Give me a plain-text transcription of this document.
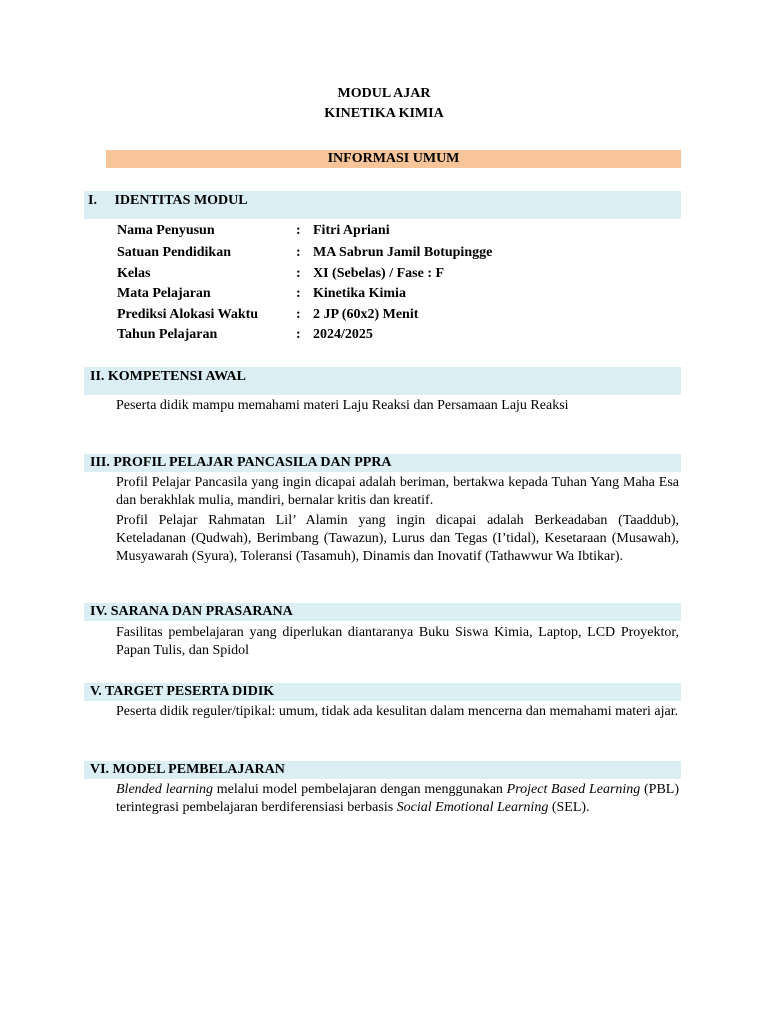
MODUL AJAR
KINETIKA KIMIA
INFORMASI UMUM
I. IDENTITAS MODUL
Nama Penyusun	: Fitri Apriani
Satuan Pendidikan	: MA Sabrun Jamil Botupingge
Kelas	: XI (Sebelas) / Fase : F
Mata Pelajaran	: Kinetika Kimia
Prediksi Alokasi Waktu	: 2 JP (60x2) Menit
Tahun Pelajaran	: 2024/2025
II. KOMPETENSI AWAL
Peserta didik mampu memahami materi Laju Reaksi dan Persamaan Laju Reaksi
III. PROFIL PELAJAR PANCASILA DAN PPRA
Profil Pelajar Pancasila yang ingin dicapai adalah beriman, bertakwa kepada Tuhan Yang Maha Esa dan berakhlak mulia, mandiri, bernalar kritis dan kreatif.
Profil Pelajar Rahmatan Lil’ Alamin yang ingin dicapai adalah Berkeadaban (Taaddub), Keteladanan (Qudwah), Berimbang (Tawazun), Lurus dan Tegas (I’tidal), Kesetaraan (Musawah), Musyawarah (Syura), Toleransi (Tasamuh), Dinamis dan Inovatif (Tathawwur Wa Ibtikar).
IV. SARANA DAN PRASARANA
Fasilitas pembelajaran yang diperlukan diantaranya Buku Siswa Kimia, Laptop, LCD Proyektor, Papan Tulis, dan Spidol
V. TARGET PESERTA DIDIK
Peserta didik reguler/tipikal: umum, tidak ada kesulitan dalam mencerna dan memahami materi ajar.
VI. MODEL PEMBELAJARAN
Blended learning melalui model pembelajaran dengan menggunakan Project Based Learning (PBL) terintegrasi pembelajaran berdiferensiasi berbasis Social Emotional Learning (SEL).
